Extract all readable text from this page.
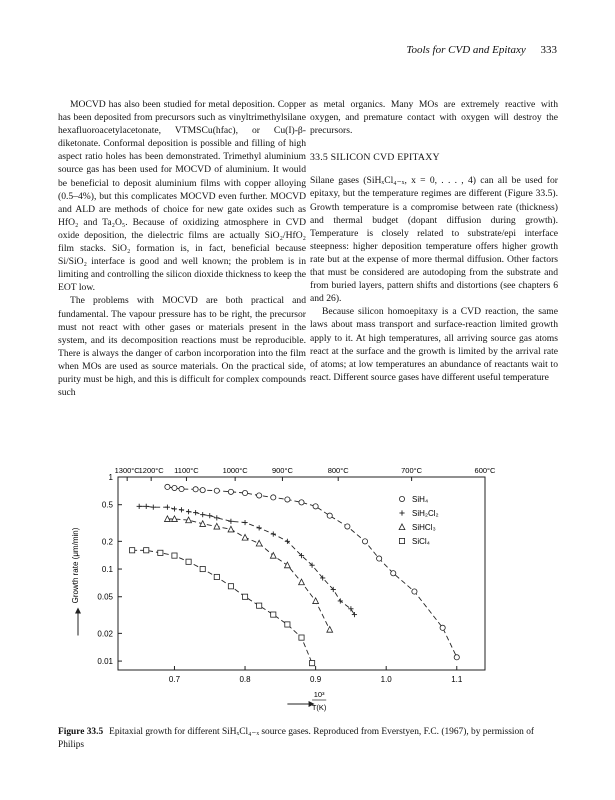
Tools for CVD and Epitaxy 333

MOCVD has also been studied for metal deposition. Copper has been deposited from precursors such as vinyltrimethylsilane hexafluoroacetylacetonate, VTMSCu(hfac), or Cu(I)-β-diketonate. Conformal deposition is possible and filling of high aspect ratio holes has been demonstrated. Trimethyl aluminium source gas has been used for MOCVD of aluminium. It would be beneficial to deposit aluminium films with copper alloying (0.5–4%), but this complicates MOCVD even further. MOCVD and ALD are methods of choice for new gate oxides such as HfO₂ and Ta₂O₅. Because of oxidizing atmosphere in CVD oxide deposition, the dielectric films are actually SiO₂/HfO₂ film stacks. SiO₂ formation is, in fact, beneficial because Si/SiO₂ interface is good and well known; the problem is in limiting and controlling the silicon dioxide thickness to keep the EOT low.

The problems with MOCVD are both practical and fundamental. The vapour pressure has to be right, the precursor must not react with other gases or materials present in the system, and its decomposition reactions must be reproducible. There is always the danger of carbon incorporation into the film when MOs are used as source materials. On the practical side, purity must be high, and this is difficult for complex compounds such

as metal organics. Many MOs are extremely reactive with oxygen, and premature contact with oxygen will destroy the precursors.

33.5 SILICON CVD EPITAXY

Silane gases (SiHₓCl₄₋ₓ, x = 0, . . . , 4) can all be used for epitaxy, but the temperature regimes are different (Figure 33.5). Growth temperature is a compromise between rate (thickness) and thermal budget (dopant diffusion during growth). Temperature is closely related to substrate/epi interface steepness: higher deposition temperature offers higher growth rate but at the expense of more thermal diffusion. Other factors that must be considered are autodoping from the substrate and from buried layers, pattern shifts and distortions (see chapters 6 and 26).

Because silicon homoepitaxy is a CVD reaction, the same laws about mass transport and surface-reaction limited growth apply to it. At high temperatures, all arriving source gas atoms react at the surface and the growth is limited by the arrival rate of atoms; at low temperatures an abundance of reactants wait to react. Different source gases have different useful temperature

0.7	0.8	0.9	1.0	1.1
1300°C
1200°C 1100°C	1000°C	900°C	800°C	700°C	600°C
0.01
0.02
0.05
0.1
0.2
0.5
1
Growth rate (μm/min)
10³
T(K)
SiH₄
SiH₂Cl₂
SiHCl₃
SiCl₄
Figure 33.5 Epitaxial growth for different SiHₓCl₄₋ₓ source gases. Reproduced from Everstyen, F.C. (1967), by permission of Philips
